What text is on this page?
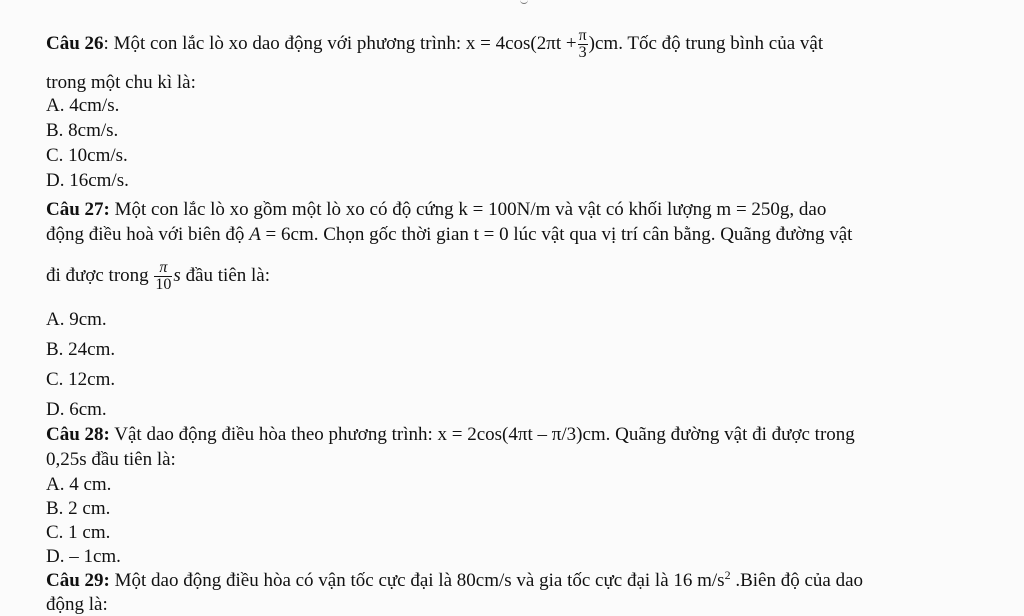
Câu 26: Một con lắc lò xo dao động với phương trình: $x = 4\cos(2\pi t + \frac{\pi}{3} )cm$. Tốc độ trung bình của vật
trong một chu kì là:
A. 4cm/s.
B. 8cm/s.
C. 10cm/s.
D. 16cm/s.
Câu 27: Một con lắc lò xo gồm một lò xo có độ cứng k = 100N/m và vật có khối lượng m = 250g, dao
động điều hoà với biên độ A = 6cm. Chọn gốc thời gian t = 0 lúc vật qua vị trí cân bằng. Quãng đường vật
đi được trong $\frac{\pi}{10}$ s đầu tiên là:
A. 9cm.
B. 24cm.
C. 12cm.
D. 6cm.
Câu 28: Vật dao động điều hòa theo phương trình: x = 2cos(4πt – π/3)cm. Quãng đường vật đi được trong
0,25s đầu tiên là:
A. 4 cm.
B. 2 cm.
C. 1 cm.
D. – 1cm.
Câu 29: Một dao động điều hòa có vận tốc cực đại là 80cm/s và gia tốc cực đại là 16 $m/s^2$ .Biên độ của dao
động là:
